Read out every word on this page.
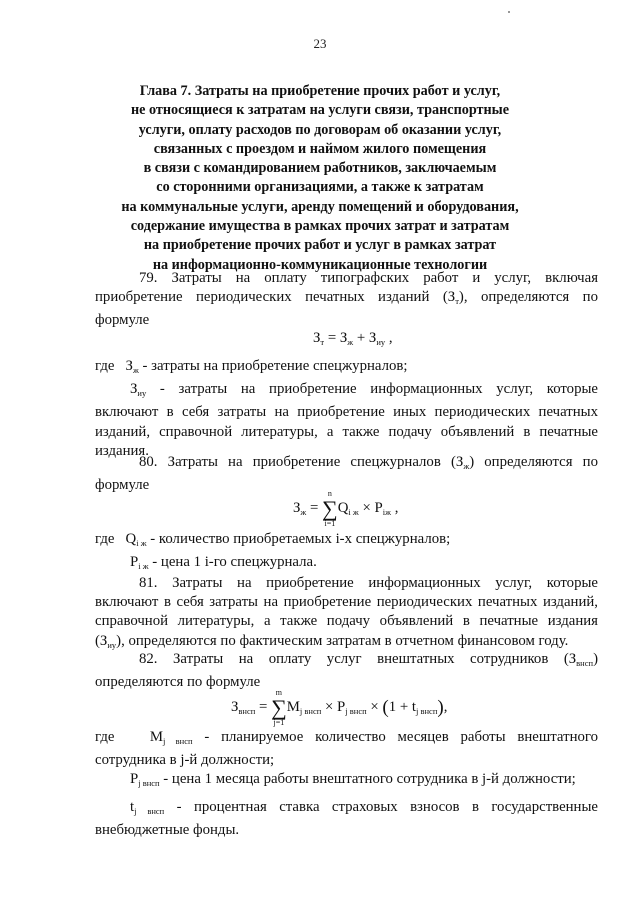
23
Глава 7. Затраты на приобретение прочих работ и услуг,
не относящиеся к затратам на услуги связи, транспортные
услуги, оплату расходов по договорам об оказании услуг,
связанных с проездом и наймом жилого помещения
в связи с командированием работников, заключаемым
со сторонними организациями, а также к затратам
на коммунальные услуги, аренду помещений и оборудования,
содержание имущества в рамках прочих затрат и затратам
на приобретение прочих работ и услуг в рамках затрат
на информационно-коммуникационные технологии
79. Затраты на оплату типографских работ и услуг, включая
приобретение периодических печатных изданий $(З_т)$, определяются по
формуле
$З_т = З_ж + З_{иу}$ ,
где $З_ж$ - затраты на приобретение спецжурналов;
$З_{иу}$ - затраты на приобретение информационных услуг, которые
включают в себя затраты на приобретение иных периодических печатных
изданий, справочной литературы, а также подачу объявлений в печатные
издания.
80. Затраты на приобретение спецжурналов $(З_ж)$ определяются по
формуле
$З_ж$ = ∑
n
i=1
$Q_{i ж} \times P_{iж}$ ,
где $Q_{i ж}$ - количество приобретаемых i-х спецжурналов;
$P_{i ж}$ - цена 1 i-го спецжурнала.
81. Затраты на приобретение информационных услуг, которые
включают в себя затраты на приобретение периодических печатных изданий,
справочной литературы, а также подачу объявлений в печатные издания
$(З_{иу})$, определяются по фактическим затратам в отчетном финансовом году.
82. Затраты на оплату услуг внештатных сотрудников $(З_{внсп})$
определяются по формуле
$З_{внсп}$ = ∑
m
j=1
$M_{j внсп} \times P_{j внсп} \times (1 + t_{j внсп})$,
где $M_{j внсп}$ - планируемое количество месяцев работы внештатного
сотрудника в j-й должности;
$P_{j внсп}$ - цена 1 месяца работы внештатного сотрудника в j-й должности;
$t_{j внсп}$ - процентная ставка страховых взносов в государственные
внебюджетные фонды.
